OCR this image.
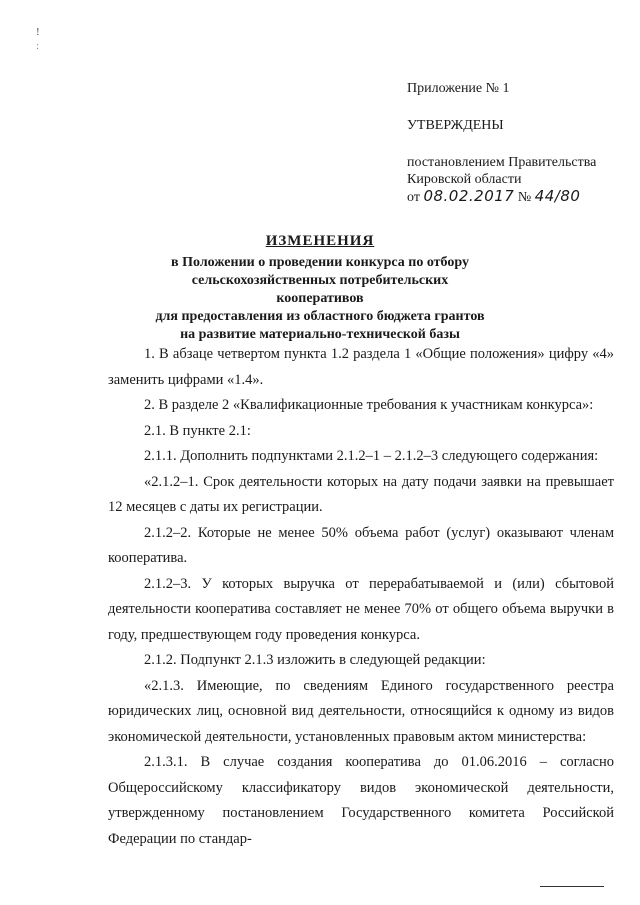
!
:

Приложение № 1

УТВЕРЖДЕНЫ

постановлением Правительства
Кировской области
от 08.02.2017 № 44/80
ИЗМЕНЕНИЯ
в Положении о проведении конкурса по отбору
сельскохозяйственных потребительских кооперативов
для предоставления из областного бюджета грантов
на развитие материально-технической базы

1. В абзаце четвертом пункта 1.2 раздела 1 «Общие положения» цифру «4» заменить цифрами «1.4».

2. В разделе 2 «Квалификационные требования к участникам конкурса»:

2.1. В пункте 2.1:

2.1.1. Дополнить подпунктами 2.1.2–1 – 2.1.2–3 следующего содержания:

«2.1.2–1. Срок деятельности которых на дату подачи заявки на превышает 12 месяцев с даты их регистрации.

2.1.2–2. Которые не менее 50% объема работ (услуг) оказывают членам кооператива.

2.1.2–3. У которых выручка от перерабатываемой и (или) сбытовой деятельности кооператива составляет не менее 70% от общего объема выручки в году, предшествующем году проведения конкурса.

2.1.2. Подпункт 2.1.3 изложить в следующей редакции:

«2.1.3. Имеющие, по сведениям Единого государственного реестра юридических лиц, основной вид деятельности, относящийся к одному из видов экономической деятельности, установленных правовым актом министерства:

2.1.3.1. В случае создания кооператива до 01.06.2016 – согласно Общероссийскому классификатору видов экономической деятельности, утвержденному постановлением Государственного комитета Российской Федерации по стандар-
